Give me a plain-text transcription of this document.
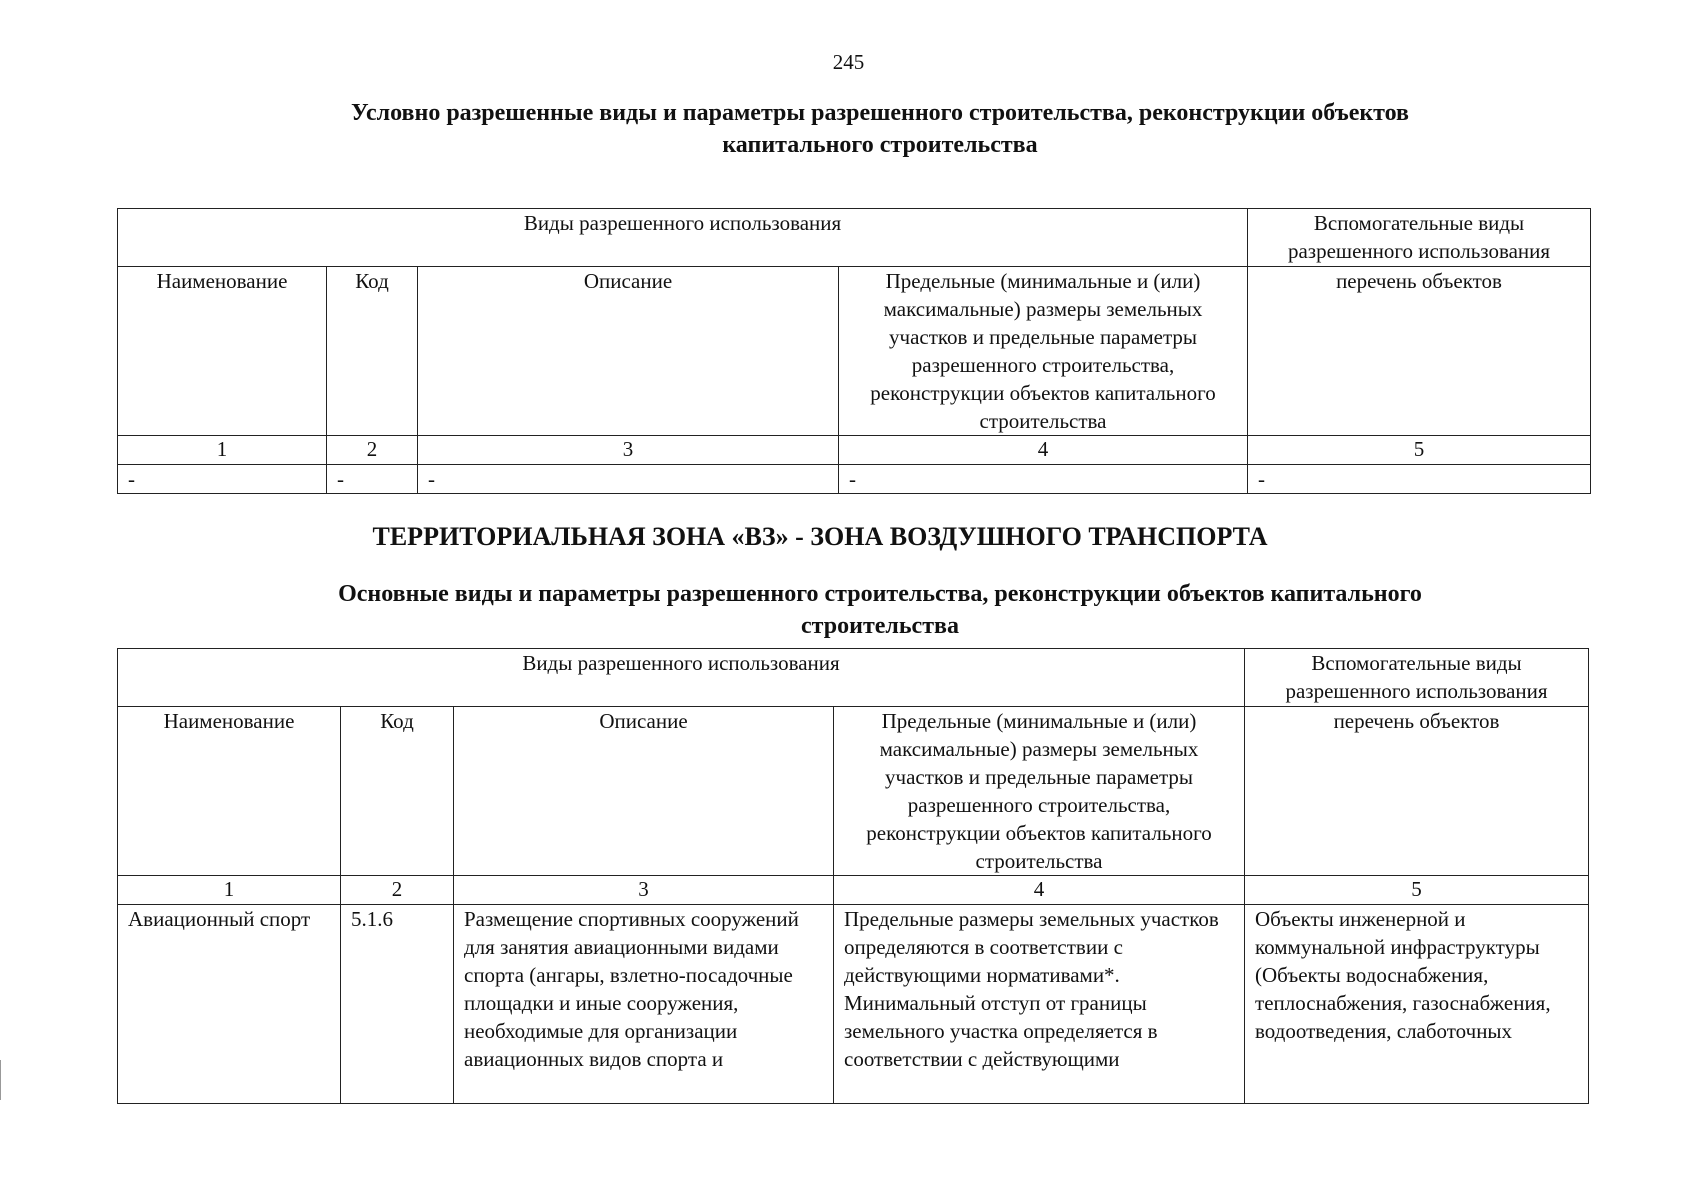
245
Условно разрешенные виды и параметры разрешенного строительства, реконструкции объектов
капитального строительства
Виды разрешенного использования				Вспомогательные виды разрешенного использования
Наименование	Код	Описание	Предельные (минимальные и (или) максимальные) размеры земельных участков и предельные параметры разрешенного строительства, реконструкции объектов капитального строительства	перечень объектов
1	2	3	4	5
-	-	-	-	-
ТЕРРИТОРИАЛЬНАЯ ЗОНА «ВЗ» - ЗОНА ВОЗДУШНОГО ТРАНСПОРТА
Основные виды и параметры разрешенного строительства, реконструкции объектов капитального
строительства
Виды разрешенного использования				Вспомогательные виды разрешенного использования
Наименование	Код	Описание	Предельные (минимальные и (или) максимальные) размеры земельных участков и предельные параметры разрешенного строительства, реконструкции объектов капитального строительства	перечень объектов
1	2	3	4	5
Авиационный спорт	5.1.6	Размещение спортивных сооружений для занятия авиационными видами спорта (ангары, взлетно-посадочные площадки и иные сооружения, необходимые для организации авиационных видов спорта и	Предельные размеры земельных участков определяются в соответствии с действующими нормативами*. Минимальный отступ от границы земельного участка определяется в соответствии с действующими	Объекты инженерной и коммунальной инфраструктуры (Объекты водоснабжения, теплоснабжения, газоснабжения, водоотведения, слаботочных
